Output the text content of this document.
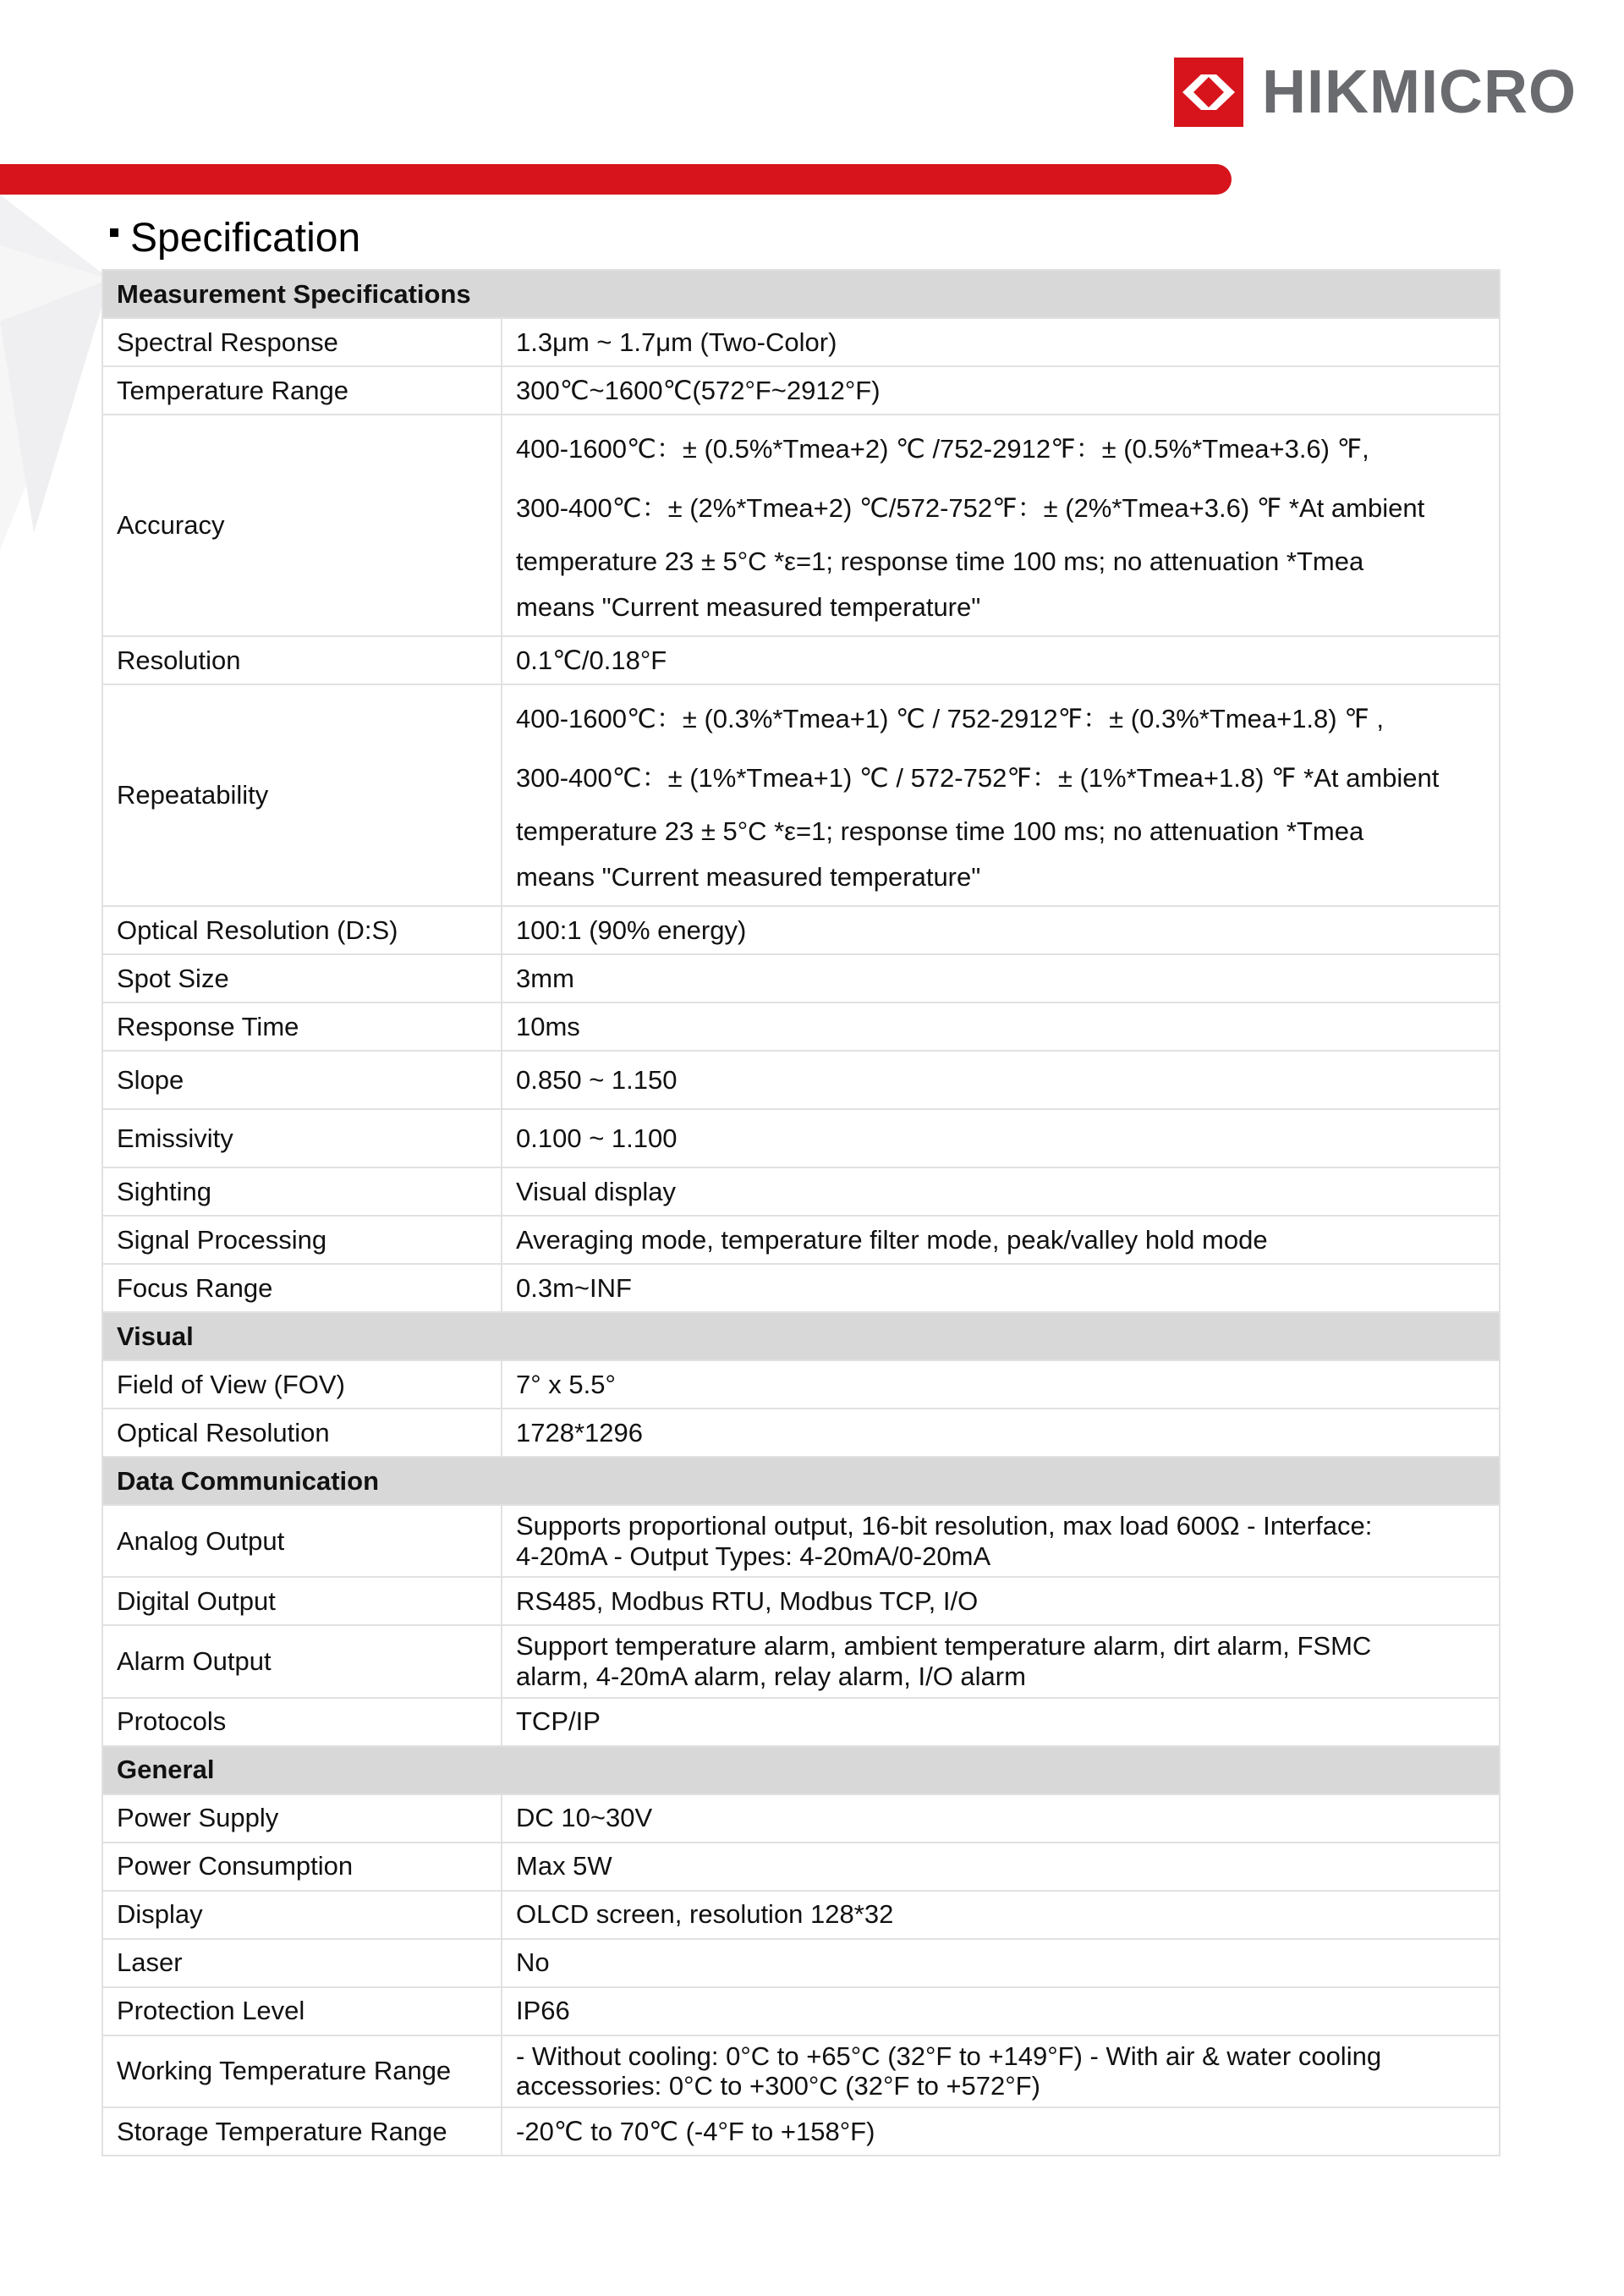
HIKMICRO
Specification
Measurement Specifications	
Spectral Response	1.3μm ~ 1.7μm (Two-Color)
Temperature Range	300℃~1600℃(572°F~2912°F)
Accuracy	400-1600℃：± (0.5%*Tmea+2) ℃ /752-2912℉：± (0.5%*Tmea+3.6) ℉,
300-400℃：± (2%*Tmea+2) ℃/572-752℉：± (2%*Tmea+3.6) ℉ *At ambient
temperature 23 ± 5°C *ε=1; response time 100 ms; no attenuation *Tmea
means "Current measured temperature"

Resolution	0.1℃/0.18°F
Repeatability	400-1600℃：± (0.3%*Tmea+1) ℃ / 752-2912℉：± (0.3%*Tmea+1.8) ℉ ,
300-400℃：± (1%*Tmea+1) ℃ / 572-752℉：± (1%*Tmea+1.8) ℉ *At ambient
temperature 23 ± 5°C *ε=1; response time 100 ms; no attenuation *Tmea
means "Current measured temperature"

Optical Resolution (D:S)	100:1 (90% energy)
Spot Size	3mm
Response Time	10ms
Slope	0.850 ~ 1.150
Emissivity	0.100 ~ 1.100
Sighting	Visual display
Signal Processing	Averaging mode, temperature filter mode, peak/valley hold mode
Focus Range	0.3m~INF
Visual	
Field of View (FOV)	7° x 5.5°
Optical Resolution	1728*1296
Data Communication	
Analog Output	Supports proportional output, 16-bit resolution, max load 600Ω - Interface:
4-20mA - Output Types: 4-20mA/0-20mA

Digital Output	RS485, Modbus RTU, Modbus TCP, I/O
Alarm Output	Support temperature alarm, ambient temperature alarm, dirt alarm, FSMC
alarm, 4-20mA alarm, relay alarm, I/O alarm

Protocols	TCP/IP
General	
Power Supply	DC 10~30V
Power Consumption	Max 5W
Display	OLCD screen, resolution 128*32
Laser	No
Protection Level	IP66
Working Temperature Range	- Without cooling: 0°C to +65°C (32°F to +149°F) - With air & water cooling
accessories: 0°C to +300°C (32°F to +572°F)

Storage Temperature Range	-20℃ to 70℃ (-4°F to +158°F)
